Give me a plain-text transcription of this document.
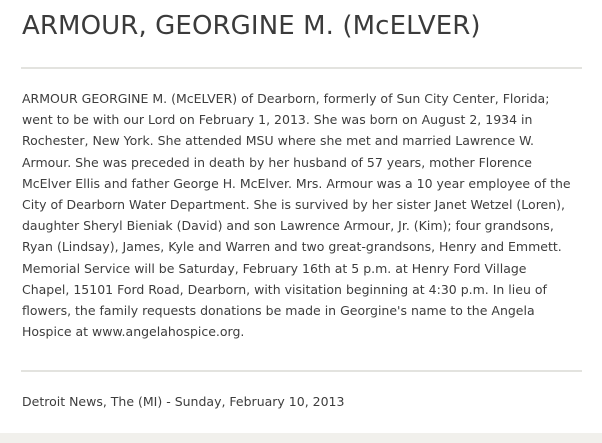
ARMOUR, GEORGINE M. (McELVER)

ARMOUR GEORGINE M. (McELVER) of Dearborn, formerly of Sun City Center, Florida;
went to be with our Lord on February 1, 2013. She was born on August 2, 1934 in
Rochester, New York. She attended MSU where she met and married Lawrence W.
Armour. She was preceded in death by her husband of 57 years, mother Florence
McElver Ellis and father George H. McElver. Mrs. Armour was a 10 year employee of the
City of Dearborn Water Department. She is survived by her sister Janet Wetzel (Loren),
daughter Sheryl Bieniak (David) and son Lawrence Armour, Jr. (Kim); four grandsons,
Ryan (Lindsay), James, Kyle and Warren and two great-grandsons, Henry and Emmett.
Memorial Service will be Saturday, February 16th at 5 p.m. at Henry Ford Village
Chapel, 15101 Ford Road, Dearborn, with visitation beginning at 4:30 p.m. In lieu of
flowers, the family requests donations be made in Georgine's name to the Angela
Hospice at www.angelahospice.org.

Detroit News, The (MI) - Sunday, February 10, 2013
